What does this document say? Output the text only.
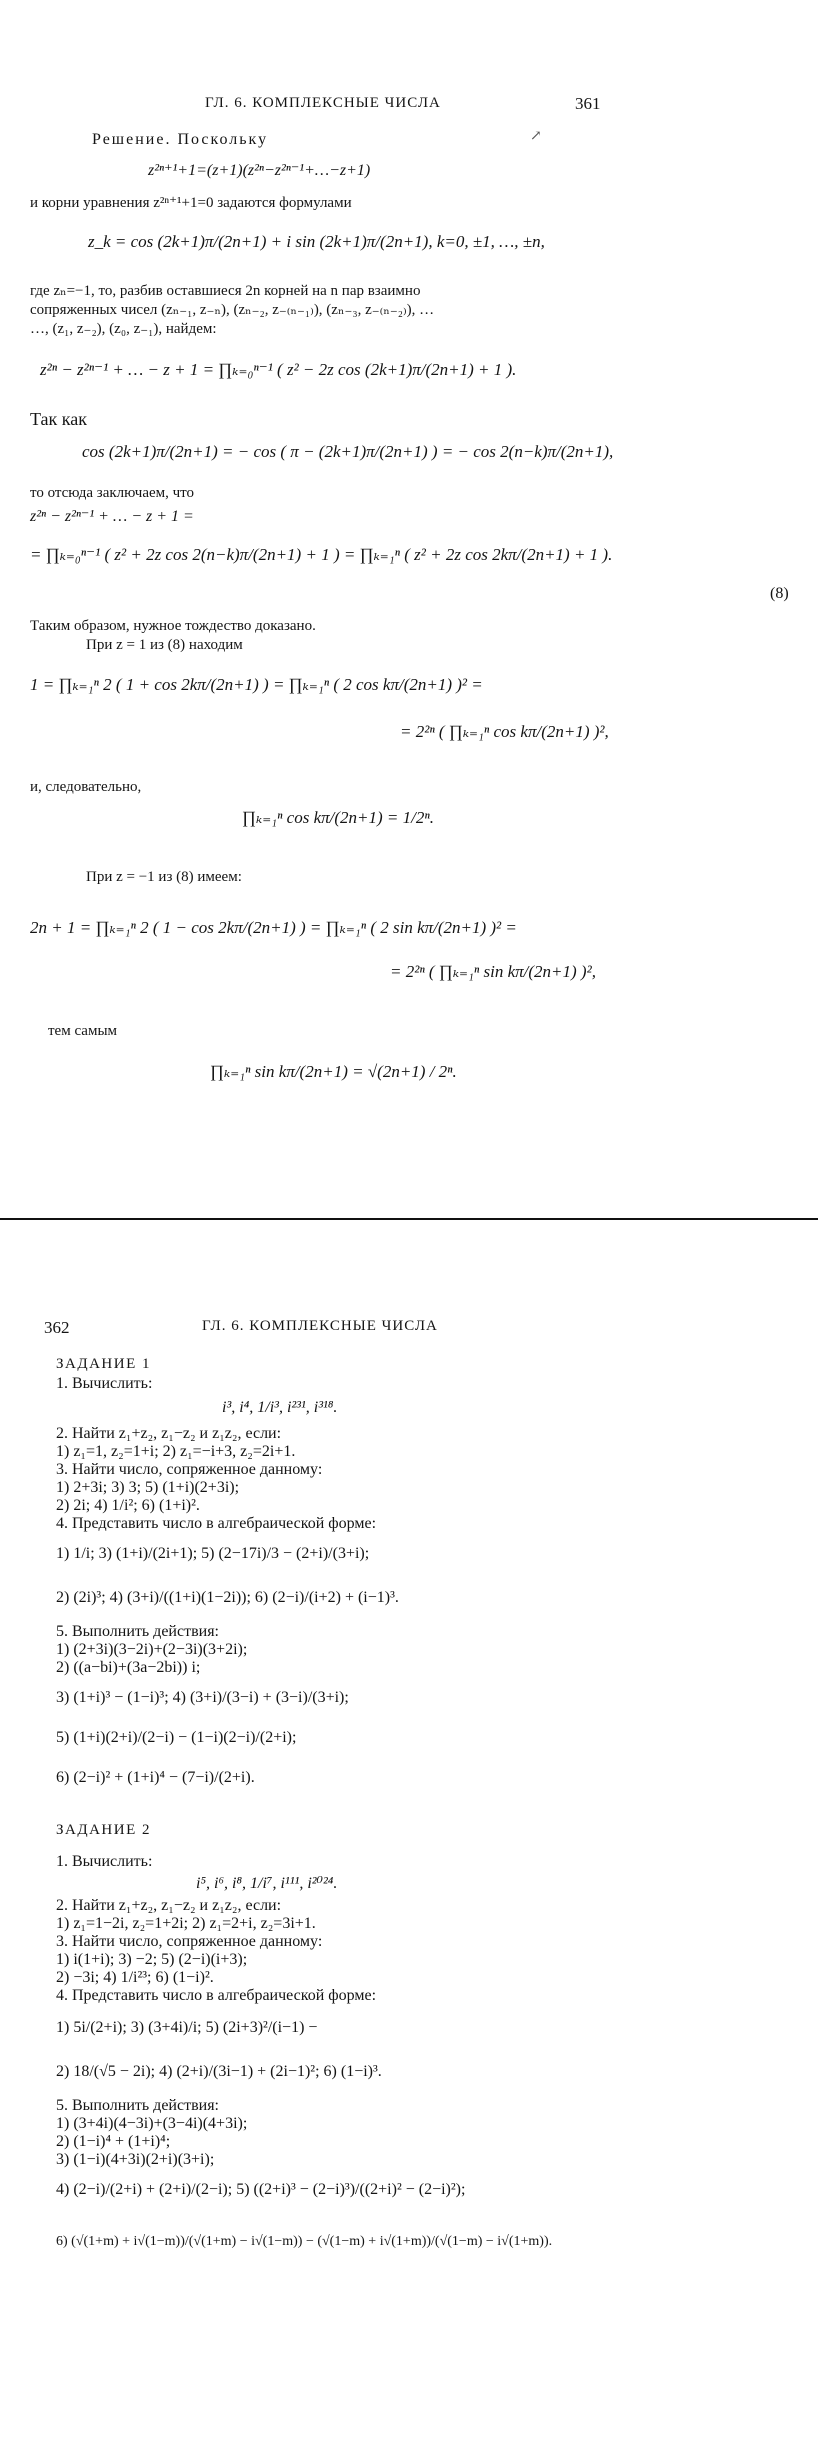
ГЛ. 6. КОМПЛЕКСНЫЕ ЧИСЛА	361
↗
Решение. Поскольку
z²ⁿ⁺¹+1=(z+1)(z²ⁿ−z²ⁿ⁻¹+…−z+1)
и корни уравнения z²ⁿ⁺¹+1=0 задаются формулами
z_k = cos (2k+1)π/(2n+1) + i sin (2k+1)π/(2n+1), k=0, ±1, …, ±n,
где zₙ=−1, то, разбив оставшиеся 2n корней на n пар взаимно
сопряженных чисел (zₙ₋₁, z₋ₙ), (zₙ₋₂, z₋₍ₙ₋₁₎), (zₙ₋₃, z₋₍ₙ₋₂₎), …
…, (z₁, z₋₂), (z₀, z₋₁), найдем:
z²ⁿ − z²ⁿ⁻¹ + … − z + 1 = ∏ₖ₌₀ⁿ⁻¹ ( z² − 2z cos (2k+1)π/(2n+1) + 1 ).
Так как
cos (2k+1)π/(2n+1) = − cos ( π − (2k+1)π/(2n+1) ) = − cos 2(n−k)π/(2n+1),
то отсюда заключаем, что
z²ⁿ − z²ⁿ⁻¹ + … − z + 1 =
= ∏ₖ₌₀ⁿ⁻¹ ( z² + 2z cos 2(n−k)π/(2n+1) + 1 ) = ∏ₖ₌₁ⁿ ( z² + 2z cos 2kπ/(2n+1) + 1 ).
(8)
Таким образом, нужное тождество доказано.
При z = 1 из (8) находим
1 = ∏ₖ₌₁ⁿ 2 ( 1 + cos 2kπ/(2n+1) ) = ∏ₖ₌₁ⁿ ( 2 cos kπ/(2n+1) )² =
= 2²ⁿ ( ∏ₖ₌₁ⁿ cos kπ/(2n+1) )²,
и, следовательно,
∏ₖ₌₁ⁿ cos kπ/(2n+1) = 1/2ⁿ.
При z = −1 из (8) имеем:
2n + 1 = ∏ₖ₌₁ⁿ 2 ( 1 − cos 2kπ/(2n+1) ) = ∏ₖ₌₁ⁿ ( 2 sin kπ/(2n+1) )² =
= 2²ⁿ ( ∏ₖ₌₁ⁿ sin kπ/(2n+1) )²,
тем самым
∏ₖ₌₁ⁿ sin kπ/(2n+1) = √(2n+1) / 2ⁿ.
362	ГЛ. 6. КОМПЛЕКСНЫЕ ЧИСЛА
ЗАДАНИЕ 1
1. Вычислить:
i³, i⁴, 1/i³, i²³¹, i³¹⁸.
2. Найти z₁+z₂, z₁−z₂ и z₁z₂, если:
1) z₁=1, z₂=1+i; 2) z₁=−i+3, z₂=2i+1.
3. Найти число, сопряженное данному:
1) 2+3i; 3) 3; 5) (1+i)(2+3i);
2) 2i; 4) 1/i²; 6) (1+i)².
4. Представить число в алгебраической форме:
1) 1/i; 3) (1+i)/(2i+1); 5) (2−17i)/3 − (2+i)/(3+i);
2) (2i)³; 4) (3+i)/((1+i)(1−2i)); 6) (2−i)/(i+2) + (i−1)³.
5. Выполнить действия:
1) (2+3i)(3−2i)+(2−3i)(3+2i);
2) ((a−bi)+(3a−2bi)) i;
3) (1+i)³ − (1−i)³; 4) (3+i)/(3−i) + (3−i)/(3+i);
5) (1+i)(2+i)/(2−i) − (1−i)(2−i)/(2+i);
6) (2−i)² + (1+i)⁴ − (7−i)/(2+i).
ЗАДАНИЕ 2
1. Вычислить:
i⁵, i⁶, i⁸, 1/i⁷, i¹¹¹, i²⁰²⁴.
2. Найти z₁+z₂, z₁−z₂ и z₁z₂, если:
1) z₁=1−2i, z₂=1+2i; 2) z₁=2+i, z₂=3i+1.
3. Найти число, сопряженное данному:
1) i(1+i); 3) −2; 5) (2−i)(i+3);
2) −3i; 4) 1/i²³; 6) (1−i)².
4. Представить число в алгебраической форме:
1) 5i/(2+i); 3) (3+4i)/i; 5) (2i+3)²/(i−1) −
2) 18/(√5 − 2i); 4) (2+i)/(3i−1) + (2i−1)²; 6) (1−i)³.
5. Выполнить действия:
1) (3+4i)(4−3i)+(3−4i)(4+3i);
2) (1−i)⁴ + (1+i)⁴;
3) (1−i)(4+3i)(2+i)(3+i);
4) (2−i)/(2+i) + (2+i)/(2−i); 5) ((2+i)³ − (2−i)³)/((2+i)² − (2−i)²);
6) (√(1+m) + i√(1−m))/(√(1+m) − i√(1−m)) − (√(1−m) + i√(1+m))/(√(1−m) − i√(1+m)).
